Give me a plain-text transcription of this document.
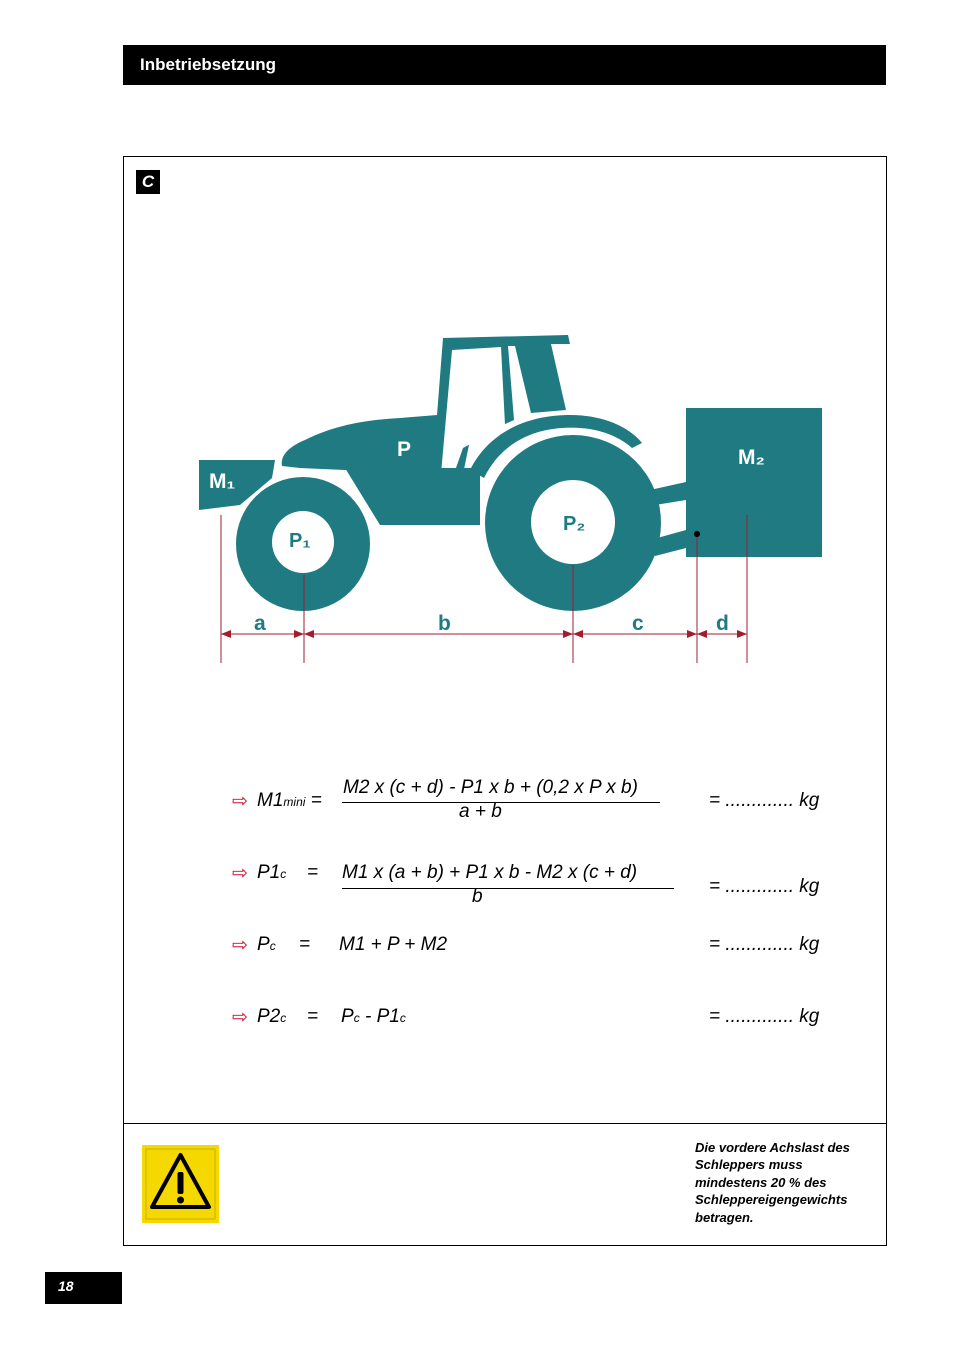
Inbetriebsetzung
C
M₁
P	M₂
P₁
P₂
a	b	c	d
⇨ M1mini =
M2 x (c + d) - P1 x b + (0,2 x P x b)
a + b
= ............. kg
⇨ P1c = M1 x (a + b) + P1 x b - M2 x (c + d)
b	= ............. kg
⇨ Pc = M1 + P + M2	= ............. kg
⇨ P2c = Pc - P1c	= ............. kg
Die vordere Achslast des Schleppers muss mindestens 20 % des Schleppereigengewichts betragen.
18
